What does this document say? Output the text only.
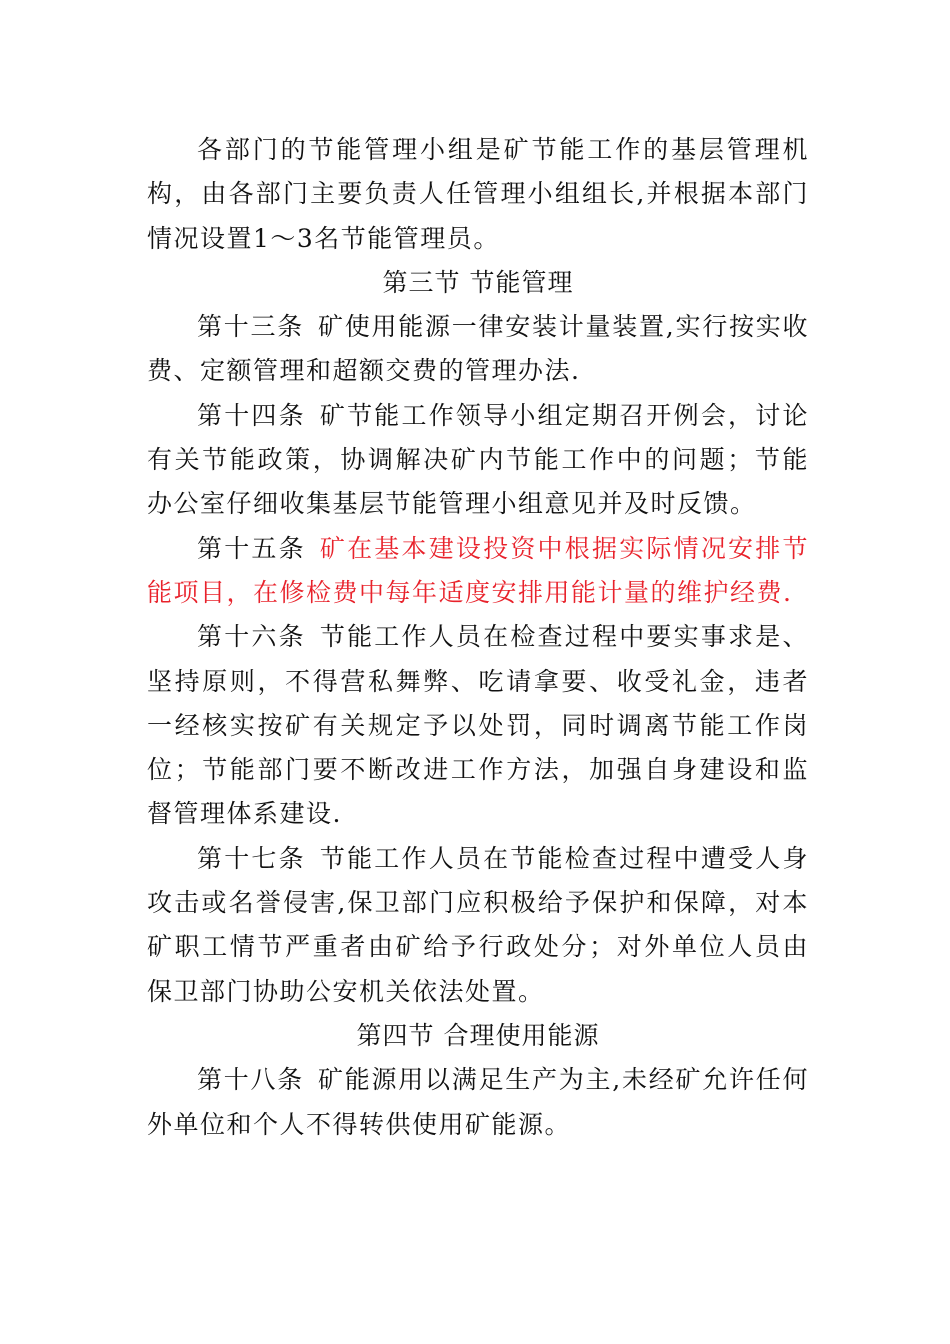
各部门的节能管理小组是矿节能工作的基层管理机构，由各部门主要负责人任管理小组组长,并根据本部门情况设置1～3名节能管理员。

第三节 节能管理

第十三条 矿使用能源一律安装计量装置,实行按实收费、定额管理和超额交费的管理办法.

第十四条 矿节能工作领导小组定期召开例会，讨论有关节能政策，协调解决矿内节能工作中的问题；节能办公室仔细收集基层节能管理小组意见并及时反馈。

第十五条 矿在基本建设投资中根据实际情况安排节能项目，在修检费中每年适度安排用能计量的维护经费.

第十六条 节能工作人员在检查过程中要实事求是、坚持原则，不得营私舞弊、吃请拿要、收受礼金，违者一经核实按矿有关规定予以处罚，同时调离节能工作岗位；节能部门要不断改进工作方法，加强自身建设和监督管理体系建设.

第十七条 节能工作人员在节能检查过程中遭受人身攻击或名誉侵害,保卫部门应积极给予保护和保障，对本矿职工情节严重者由矿给予行政处分；对外单位人员由保卫部门协助公安机关依法处置。

第四节 合理使用能源

第十八条 矿能源用以满足生产为主,未经矿允许任何外单位和个人不得转供使用矿能源。
